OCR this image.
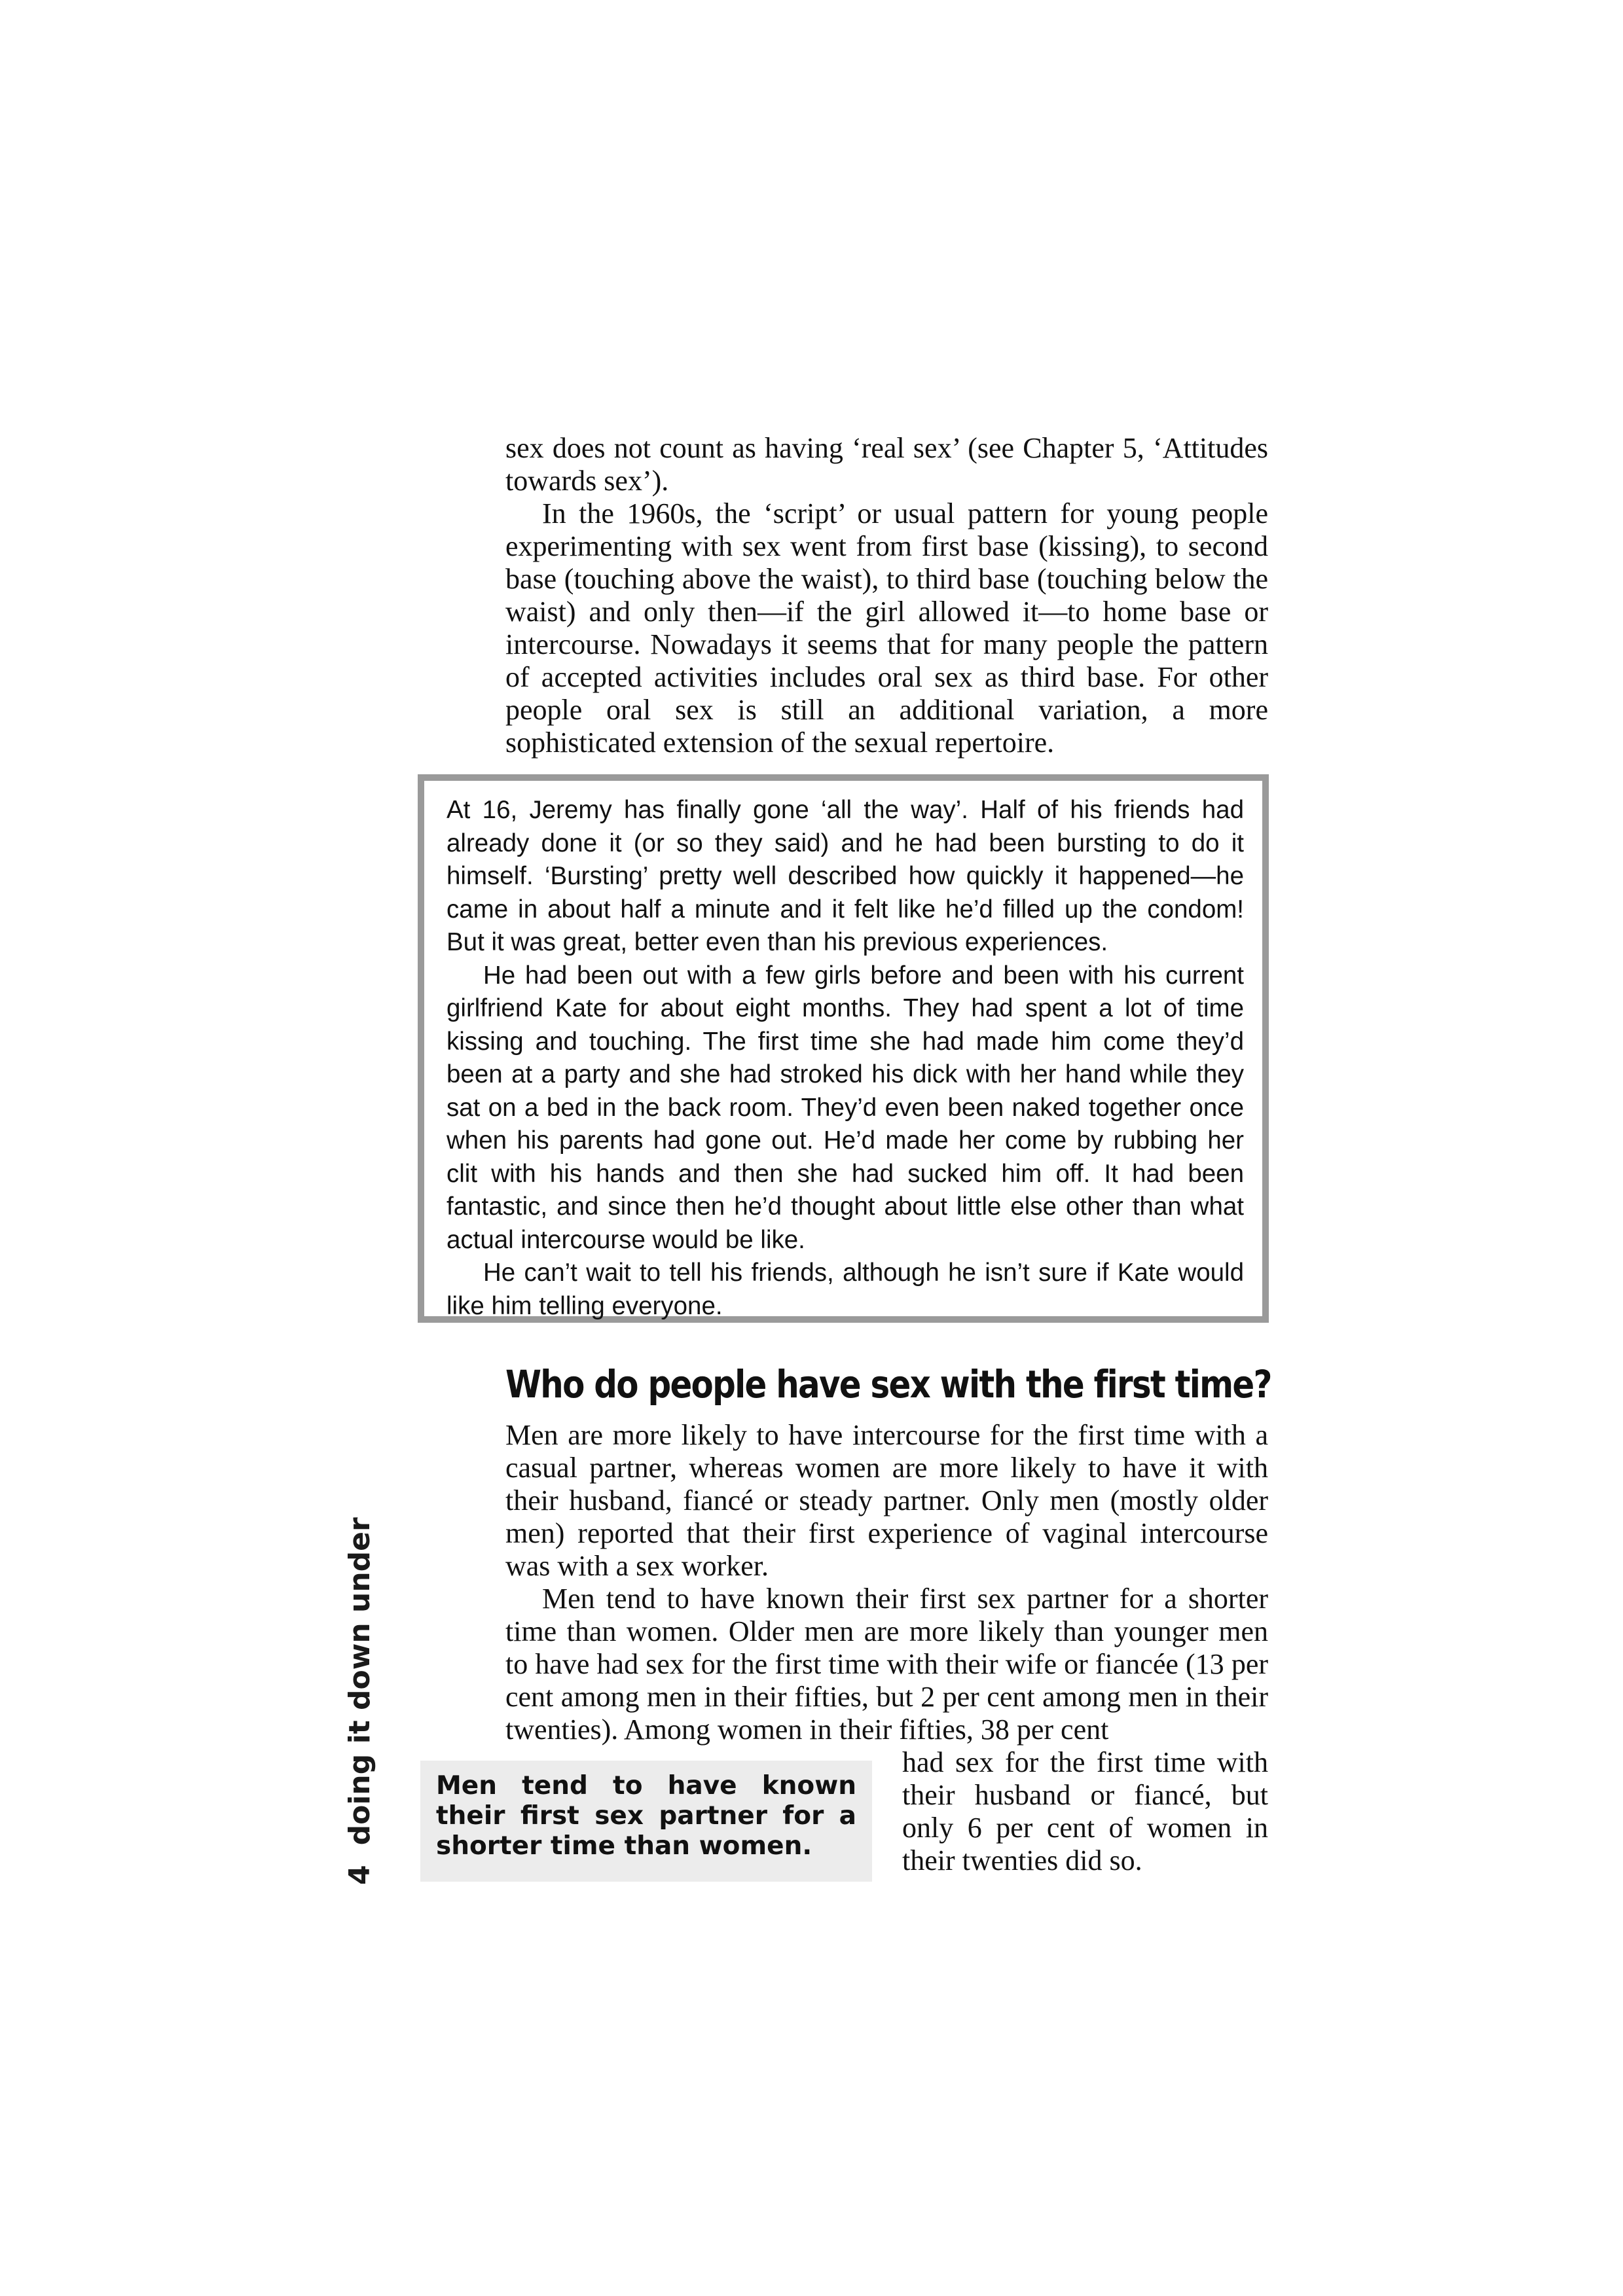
sex does not count as having ‘real sex’ (see Chapter 5, ‘Attitudes towards sex’).

In the 1960s, the ‘script’ or usual pattern for young people experimenting with sex went from first base (kissing), to second base (touching above the waist), to third base (touching below the waist) and only then—if the girl allowed it—to home base or intercourse. Nowadays it seems that for many people the pattern of accepted activities includes oral sex as third base. For other people oral sex is still an additional variation, a more sophisticated extension of the sexual repertoire.

At 16, Jeremy has finally gone ‘all the way’. Half of his friends had already done it (or so they said) and he had been bursting to do it himself. ‘Bursting’ pretty well described how quickly it happened—he came in about half a minute and it felt like he’d filled up the condom! But it was great, better even than his previous experiences.

He had been out with a few girls before and been with his current girlfriend Kate for about eight months. They had spent a lot of time kissing and touching. The first time she had made him come they’d been at a party and she had stroked his dick with her hand while they sat on a bed in the back room. They’d even been naked together once when his parents had gone out. He’d made her come by rubbing her clit with his hands and then she had sucked him off. It had been fantastic, and since then he’d thought about little else other than what actual intercourse would be like.

He can’t wait to tell his friends, although he isn’t sure if Kate would like him telling everyone.

Who do people have sex with the first time?

Men are more likely to have intercourse for the first time with a casual partner, whereas women are more likely to have it with their husband, fiancé or steady partner. Only men (mostly older men) reported that their first experience of vaginal intercourse was with a sex worker.

Men tend to have known their first sex partner for a shorter time than women. Older men are more likely than younger men to have had sex for the first time with their wife or fiancée (13 per cent among men in their fifties, but 2 per cent among men in their twenties). Among women in their fifties, 38 per cent

had sex for the first time with their husband or fiancé, but only 6 per cent of women in their twenties did so.

Men tend to have known their first sex partner for a shorter time than women.
4doing it down under
